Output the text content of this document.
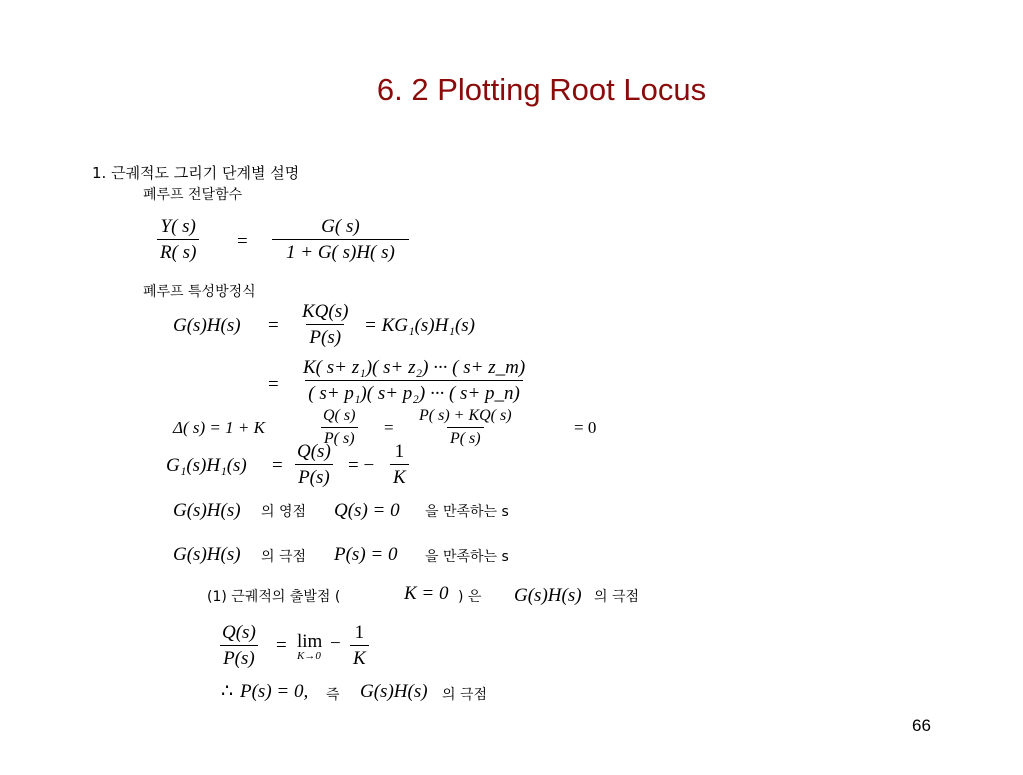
6. 2 Plotting Root Locus
1. 근궤적도 그리기 단계별 설명
폐루프 전달함수
$\frac{Y( s)}{R( s)} = \frac{G( s)}{1 + G( s)H( s)}$
폐루프 특성방정식
$G(s)H(s) = \frac{KQ(s)}{P(s)} = KG_1(s)H_1(s)$
= $\frac{\text{K( s+ z₁)( s+ z₂) ··· ( s+ z\_m)}}{\text{( s+ p₁)( s+ p₂) ··· ( s+ p\_n)}}$
Δ( s) = 1 + K	$\frac{Q( s)}{P( s)} = \frac{P( s) + KQ( s)}{P( s)}$	= 0
$G_1(s)H_1(s) = \frac{Q(s)}{P(s)}$ = − $\frac{1}{K}$
G(s)H(s) 의 영점 Q(s) = 0 을 만족하는 s
G(s)H(s) 의 극점 P(s) = 0 을 만족하는 s
(1) 근궤적의 출발점 (	K = 0 ) 은 G(s)H(s) 의 극점
$\frac{Q(s)}{P(s)} = \lim$
K→0
− $\frac{1}{K}$
∴ P(s) = 0, 즉 G(s)H(s) 의 극점
66
